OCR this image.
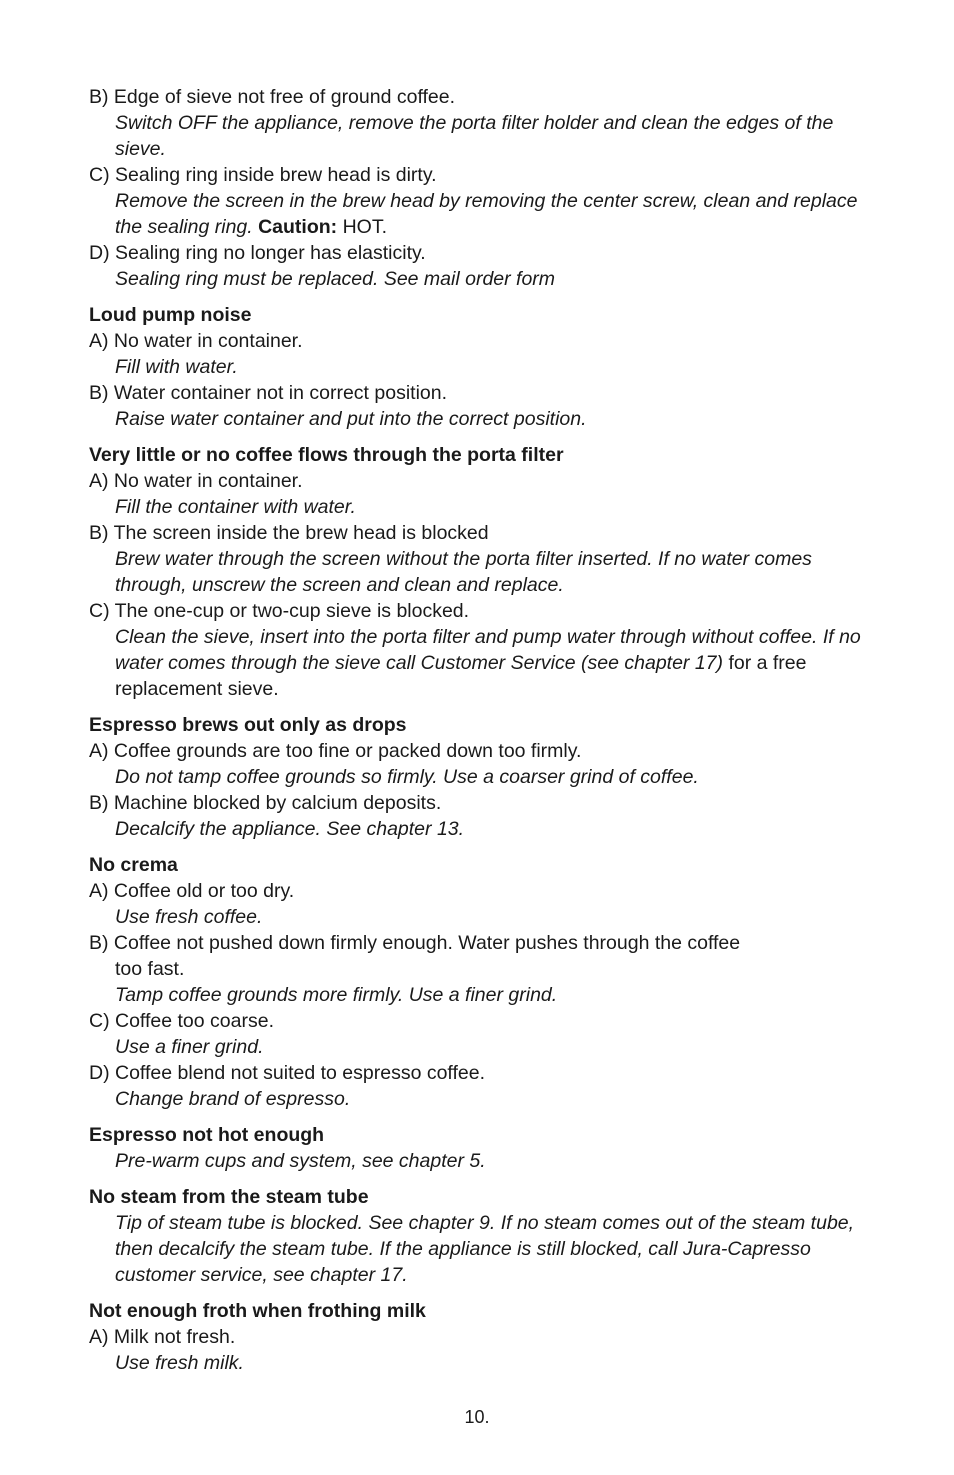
B) Edge of sieve not free of ground coffee.
Switch OFF the appliance, remove the porta filter holder and clean the edges of the sieve.
C) Sealing ring inside brew head is dirty.
Remove the screen in the brew head by removing the center screw, clean and replace the sealing ring. Caution: HOT.
D) Sealing ring no longer has elasticity.
Sealing ring must be replaced. See mail order form
Loud pump noise
A) No water in container.
Fill with water.
B) Water container not in correct position.
Raise water container and put into the correct position.
Very little or no coffee flows through the porta filter
A) No water in container.
Fill the container with water.
B) The screen inside the brew head is blocked
Brew water through the screen without the porta filter inserted. If no water comes through, unscrew the screen and clean and replace.
C) The one-cup or two-cup sieve is blocked.
Clean the sieve, insert into the porta filter and pump water through without coffee. If no water comes through the sieve call Customer Service (see chapter 17) for a free replacement sieve.
Espresso brews out only as drops
A) Coffee grounds are too fine or packed down too firmly.
Do not tamp coffee grounds so firmly. Use a coarser grind of coffee.
B) Machine blocked by calcium deposits.
Decalcify the appliance. See chapter 13.
No crema
A) Coffee old or too dry.
Use fresh coffee.
B) Coffee not pushed down firmly enough. Water pushes through the coffee
too fast.
Tamp coffee grounds more firmly. Use a finer grind.
C) Coffee too coarse.
Use a finer grind.
D) Coffee blend not suited to espresso coffee.
Change brand of espresso.
Espresso not hot enough
Pre-warm cups and system, see chapter 5.
No steam from the steam tube
Tip of steam tube is blocked. See chapter 9. If no steam comes out of the steam tube, then decalcify the steam tube. If the appliance is still blocked, call Jura-Capresso customer service, see chapter 17.
Not enough froth when frothing milk
A) Milk not fresh.
Use fresh milk.
10.
